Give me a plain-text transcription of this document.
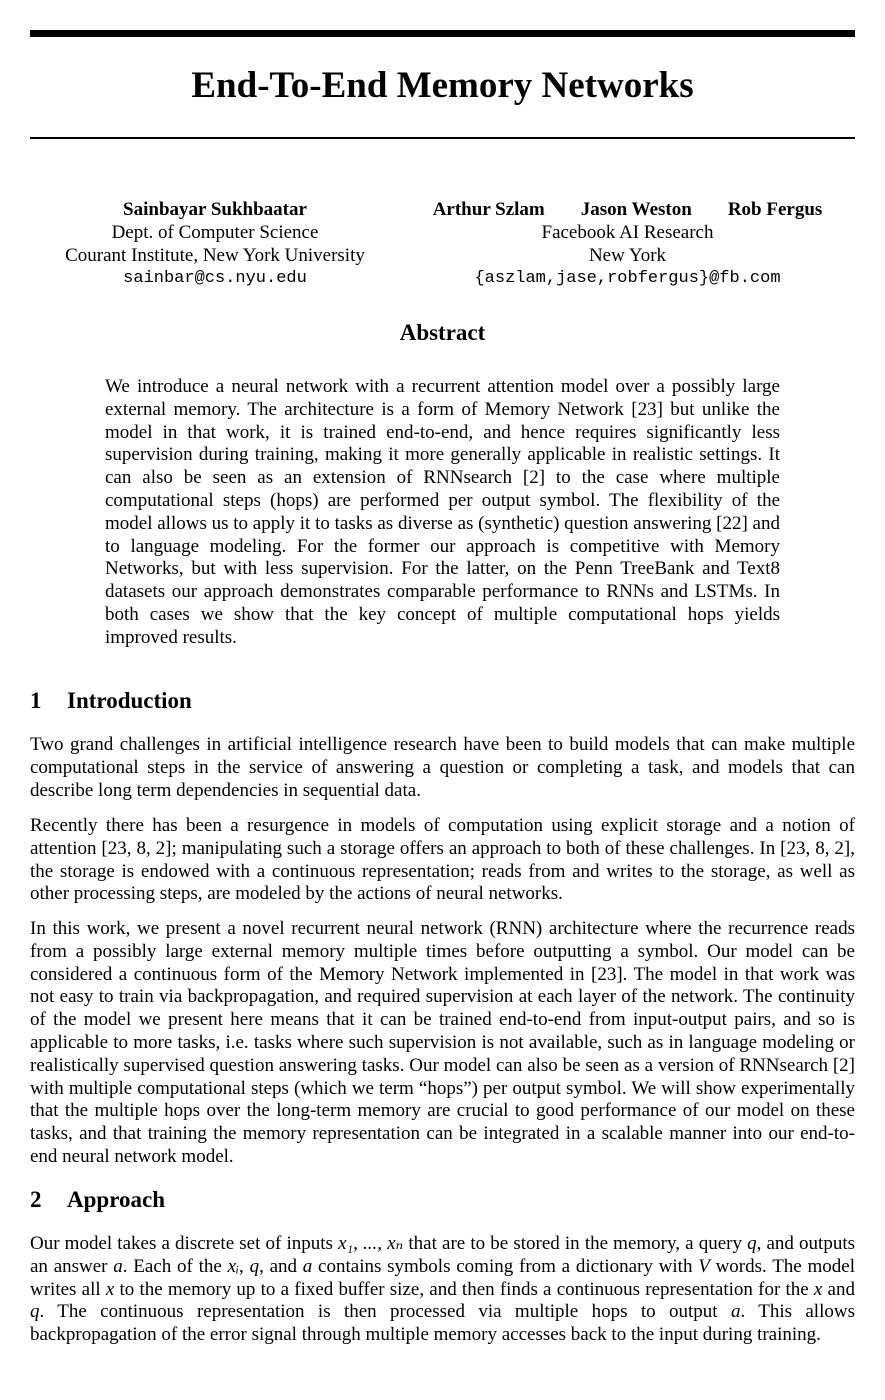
End-To-End Memory Networks
Sainbayar Sukhbaatar
Dept. of Computer Science
Courant Institute, New York University
sainbar@cs.nyu.edu
Arthur Szlam Jason Weston Rob Fergus
Facebook AI Research
New York
{aszlam,jase,robfergus}@fb.com
Abstract

We introduce a neural network with a recurrent attention model over a possibly large external memory. The architecture is a form of Memory Network [23] but unlike the model in that work, it is trained end-to-end, and hence requires significantly less supervision during training, making it more generally applicable in realistic settings. It can also be seen as an extension of RNNsearch [2] to the case where multiple computational steps (hops) are performed per output symbol. The flexibility of the model allows us to apply it to tasks as diverse as (synthetic) question answering [22] and to language modeling. For the former our approach is competitive with Memory Networks, but with less supervision. For the latter, on the Penn TreeBank and Text8 datasets our approach demonstrates comparable performance to RNNs and LSTMs. In both cases we show that the key concept of multiple computational hops yields improved results.

1 Introduction

Two grand challenges in artificial intelligence research have been to build models that can make multiple computational steps in the service of answering a question or completing a task, and models that can describe long term dependencies in sequential data.

Recently there has been a resurgence in models of computation using explicit storage and a notion of attention [23, 8, 2]; manipulating such a storage offers an approach to both of these challenges. In [23, 8, 2], the storage is endowed with a continuous representation; reads from and writes to the storage, as well as other processing steps, are modeled by the actions of neural networks.

In this work, we present a novel recurrent neural network (RNN) architecture where the recurrence reads from a possibly large external memory multiple times before outputting a symbol. Our model can be considered a continuous form of the Memory Network implemented in [23]. The model in that work was not easy to train via backpropagation, and required supervision at each layer of the network. The continuity of the model we present here means that it can be trained end-to-end from input-output pairs, and so is applicable to more tasks, i.e. tasks where such supervision is not available, such as in language modeling or realistically supervised question answering tasks. Our model can also be seen as a version of RNNsearch [2] with multiple computational steps (which we term “hops”) per output symbol. We will show experimentally that the multiple hops over the long-term memory are crucial to good performance of our model on these tasks, and that training the memory representation can be integrated in a scalable manner into our end-to-end neural network model.

2 Approach

Our model takes a discrete set of inputs x₁, ..., xₙ that are to be stored in the memory, a query q, and outputs an answer a. Each of the xᵢ, q, and a contains symbols coming from a dictionary with V words. The model writes all x to the memory up to a fixed buffer size, and then finds a continuous representation for the x and q. The continuous representation is then processed via multiple hops to output a. This allows backpropagation of the error signal through multiple memory accesses back to the input during training.
